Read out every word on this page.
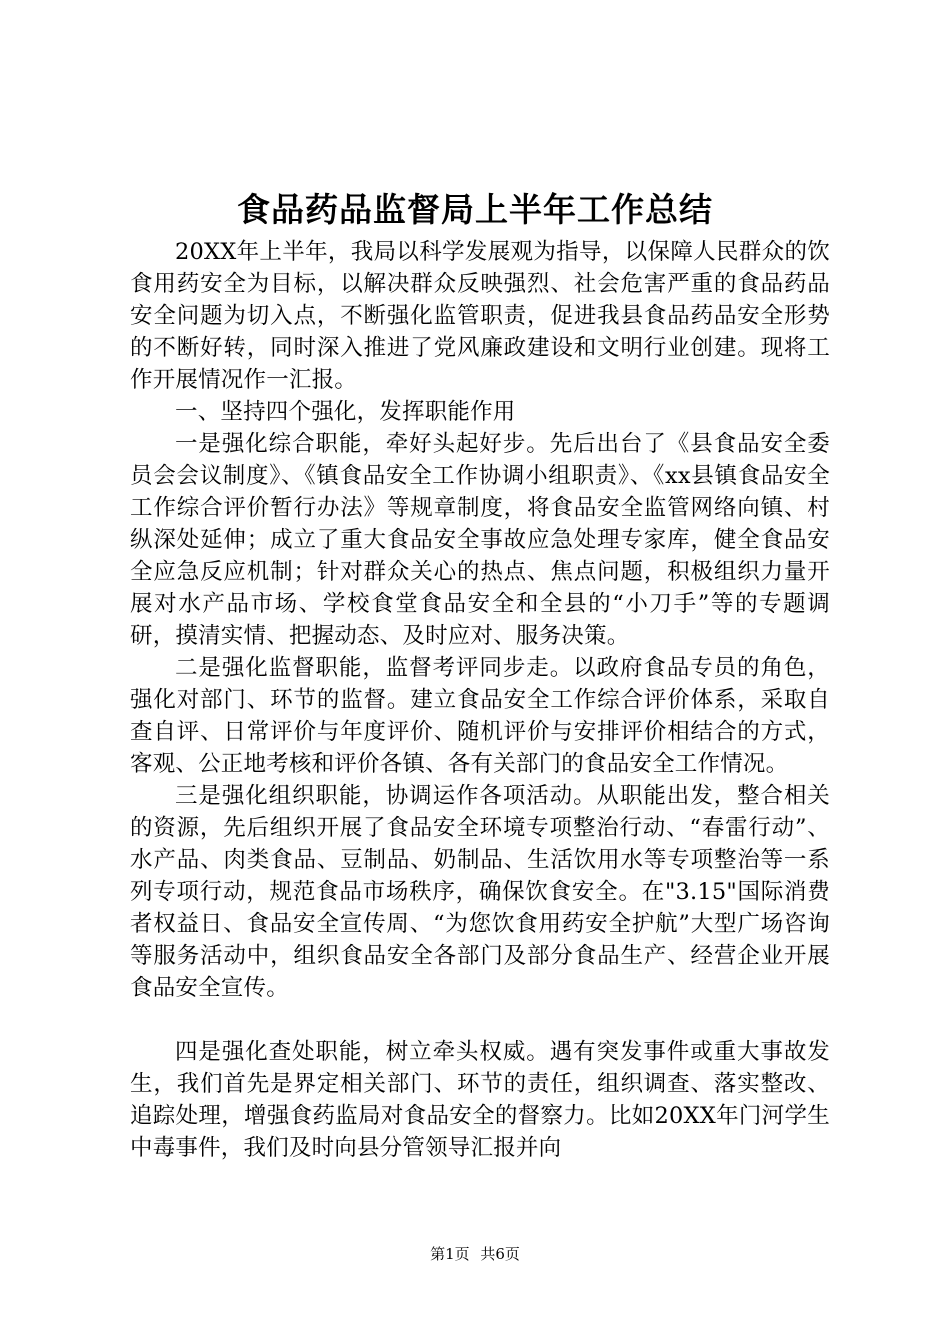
食品药品监督局上半年工作总结

20XX年上半年，我局以科学发展观为指导，以保障人民群众的饮食用药安全为目标，以解决群众反映强烈、社会危害严重的食品药品安全问题为切入点，不断强化监管职责，促进我县食品药品安全形势的不断好转，同时深入推进了党风廉政建设和文明行业创建。现将工作开展情况作一汇报。

一、坚持四个强化，发挥职能作用

一是强化综合职能，牵好头起好步。先后出台了《县食品安全委员会会议制度》、《镇食品安全工作协调小组职责》、《xx县镇食品安全工作综合评价暂行办法》等规章制度，将食品安全监管网络向镇、村纵深处延伸；成立了重大食品安全事故应急处理专家库，健全食品安全应急反应机制；针对群众关心的热点、焦点问题，积极组织力量开展对水产品市场、学校食堂食品安全和全县的“小刀手”等的专题调研，摸清实情、把握动态、及时应对、服务决策。

二是强化监督职能，监督考评同步走。以政府食品专员的角色，强化对部门、环节的监督。建立食品安全工作综合评价体系，采取自查自评、日常评价与年度评价、随机评价与安排评价相结合的方式，客观、公正地考核和评价各镇、各有关部门的食品安全工作情况。

三是强化组织职能，协调运作各项活动。从职能出发，整合相关的资源，先后组织开展了食品安全环境专项整治行动、“春雷行动”、水产品、肉类食品、豆制品、奶制品、生活饮用水等专项整治等一系列专项行动，规范食品市场秩序，确保饮食安全。在"3.15"国际消费者权益日、食品安全宣传周、“为您饮食用药安全护航”大型广场咨询等服务活动中，组织食品安全各部门及部分食品生产、经营企业开展食品安全宣传。

四是强化查处职能，树立牵头权威。遇有突发事件或重大事故发生，我们首先是界定相关部门、环节的责任，组织调查、落实整改、追踪处理，增强食药监局对食品安全的督察力。比如20XX年门河学生中毒事件，我们及时向县分管领导汇报并向

第1页 共6页
